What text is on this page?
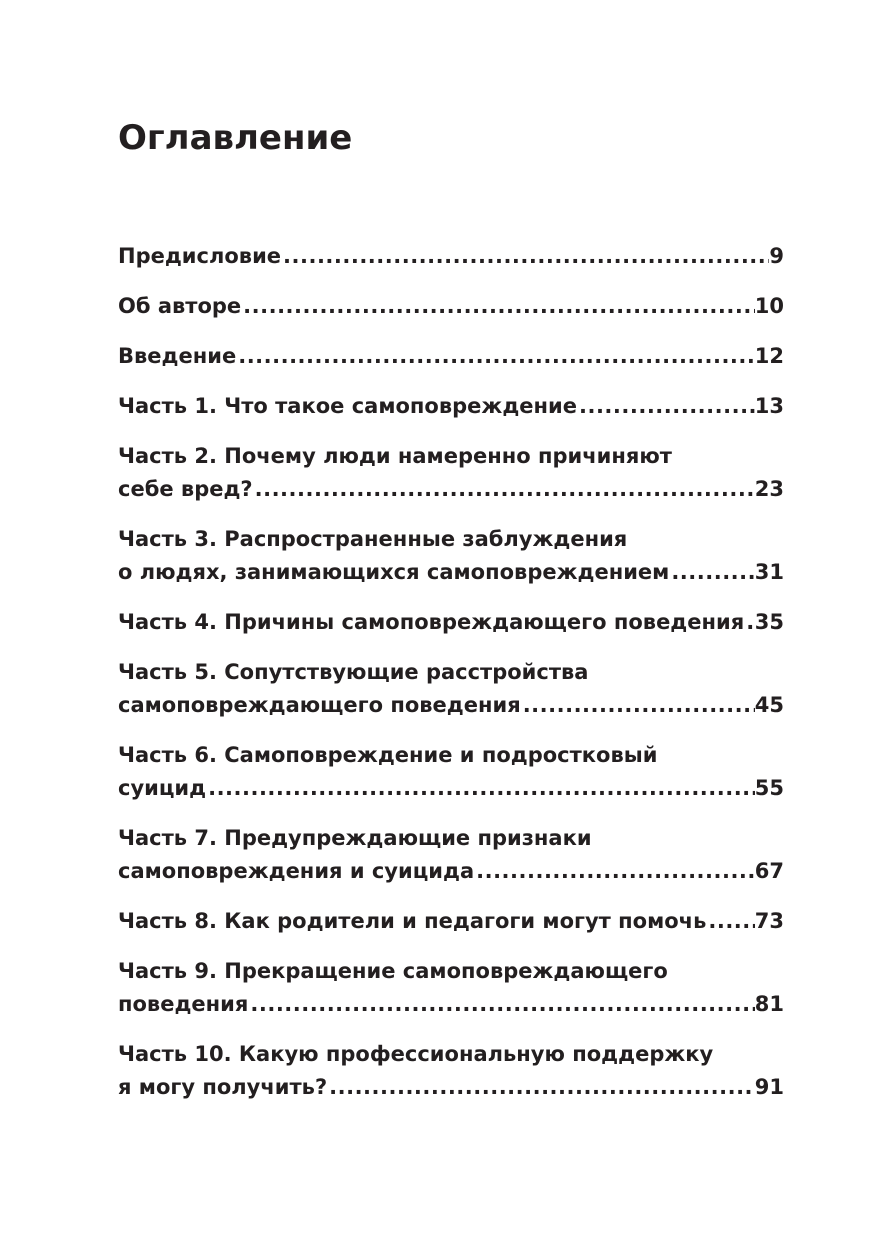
Оглавление
Предисловие .....	9
Об авторе .....	10
Введение .....	12
Часть 1. Что такое самоповреждение .....	13
Часть 2. Почему люди намеренно причиняют
себе вред? .....	23
Часть 3. Распространенные заблуждения
о людях, занимающихся самоповреждением .....	31
Часть 4. Причины самоповреждающего поведения ..... 35
Часть 5. Сопутствующие расстройства
самоповреждающего поведения .....	45
Часть 6. Самоповреждение и подростковый
суицид .....	55
Часть 7. Предупреждающие признаки
самоповреждения и суицида .....	67
Часть 8. Как родители и педагоги могут помочь ..... 73
Часть 9. Прекращение самоповреждающего
поведения .....	81
Часть 10. Какую профессиональную поддержку
я могу получить? .....	91
